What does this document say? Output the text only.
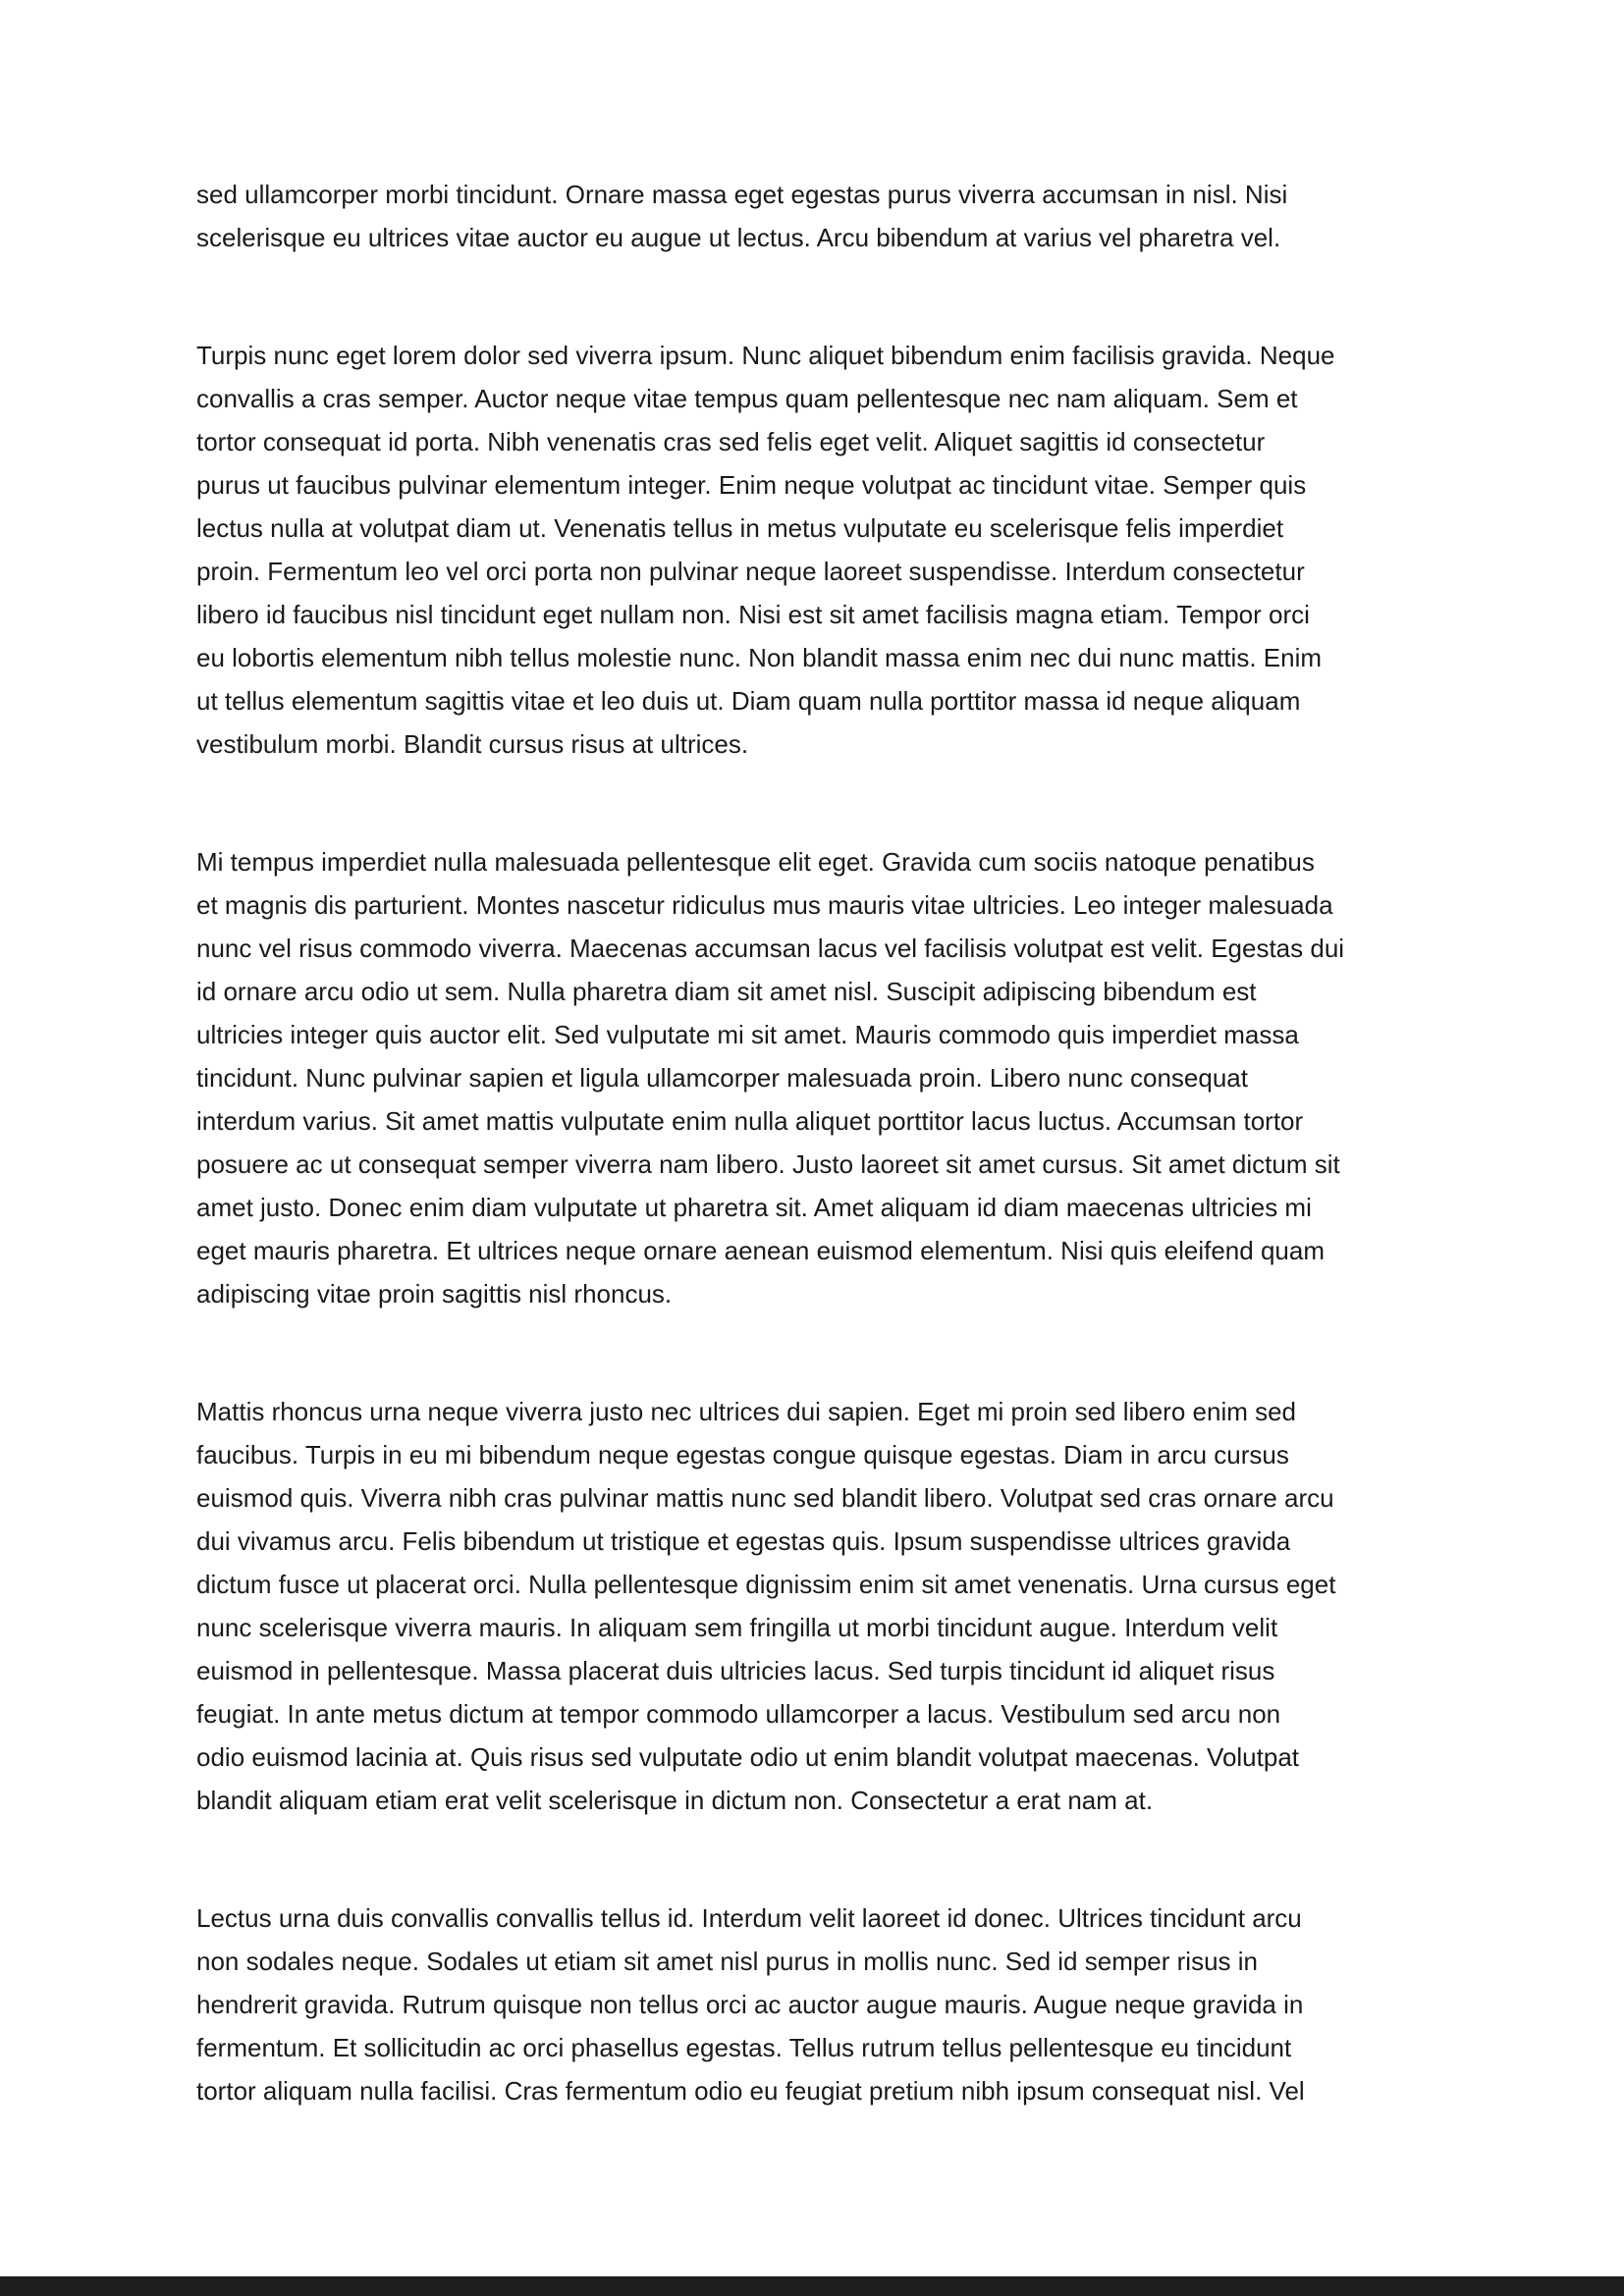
sed ullamcorper morbi tincidunt. Ornare massa eget egestas purus viverra accumsan in nisl. Nisi
scelerisque eu ultrices vitae auctor eu augue ut lectus. Arcu bibendum at varius vel pharetra vel.

Turpis nunc eget lorem dolor sed viverra ipsum. Nunc aliquet bibendum enim facilisis gravida. Neque
convallis a cras semper. Auctor neque vitae tempus quam pellentesque nec nam aliquam. Sem et
tortor consequat id porta. Nibh venenatis cras sed felis eget velit. Aliquet sagittis id consectetur
purus ut faucibus pulvinar elementum integer. Enim neque volutpat ac tincidunt vitae. Semper quis
lectus nulla at volutpat diam ut. Venenatis tellus in metus vulputate eu scelerisque felis imperdiet
proin. Fermentum leo vel orci porta non pulvinar neque laoreet suspendisse. Interdum consectetur
libero id faucibus nisl tincidunt eget nullam non. Nisi est sit amet facilisis magna etiam. Tempor orci
eu lobortis elementum nibh tellus molestie nunc. Non blandit massa enim nec dui nunc mattis. Enim
ut tellus elementum sagittis vitae et leo duis ut. Diam quam nulla porttitor massa id neque aliquam
vestibulum morbi. Blandit cursus risus at ultrices.

Mi tempus imperdiet nulla malesuada pellentesque elit eget. Gravida cum sociis natoque penatibus
et magnis dis parturient. Montes nascetur ridiculus mus mauris vitae ultricies. Leo integer malesuada
nunc vel risus commodo viverra. Maecenas accumsan lacus vel facilisis volutpat est velit. Egestas dui
id ornare arcu odio ut sem. Nulla pharetra diam sit amet nisl. Suscipit adipiscing bibendum est
ultricies integer quis auctor elit. Sed vulputate mi sit amet. Mauris commodo quis imperdiet massa
tincidunt. Nunc pulvinar sapien et ligula ullamcorper malesuada proin. Libero nunc consequat
interdum varius. Sit amet mattis vulputate enim nulla aliquet porttitor lacus luctus. Accumsan tortor
posuere ac ut consequat semper viverra nam libero. Justo laoreet sit amet cursus. Sit amet dictum sit
amet justo. Donec enim diam vulputate ut pharetra sit. Amet aliquam id diam maecenas ultricies mi
eget mauris pharetra. Et ultrices neque ornare aenean euismod elementum. Nisi quis eleifend quam
adipiscing vitae proin sagittis nisl rhoncus.

Mattis rhoncus urna neque viverra justo nec ultrices dui sapien. Eget mi proin sed libero enim sed
faucibus. Turpis in eu mi bibendum neque egestas congue quisque egestas. Diam in arcu cursus
euismod quis. Viverra nibh cras pulvinar mattis nunc sed blandit libero. Volutpat sed cras ornare arcu
dui vivamus arcu. Felis bibendum ut tristique et egestas quis. Ipsum suspendisse ultrices gravida
dictum fusce ut placerat orci. Nulla pellentesque dignissim enim sit amet venenatis. Urna cursus eget
nunc scelerisque viverra mauris. In aliquam sem fringilla ut morbi tincidunt augue. Interdum velit
euismod in pellentesque. Massa placerat duis ultricies lacus. Sed turpis tincidunt id aliquet risus
feugiat. In ante metus dictum at tempor commodo ullamcorper a lacus. Vestibulum sed arcu non
odio euismod lacinia at. Quis risus sed vulputate odio ut enim blandit volutpat maecenas. Volutpat
blandit aliquam etiam erat velit scelerisque in dictum non. Consectetur a erat nam at.

Lectus urna duis convallis convallis tellus id. Interdum velit laoreet id donec. Ultrices tincidunt arcu
non sodales neque. Sodales ut etiam sit amet nisl purus in mollis nunc. Sed id semper risus in
hendrerit gravida. Rutrum quisque non tellus orci ac auctor augue mauris. Augue neque gravida in
fermentum. Et sollicitudin ac orci phasellus egestas. Tellus rutrum tellus pellentesque eu tincidunt
tortor aliquam nulla facilisi. Cras fermentum odio eu feugiat pretium nibh ipsum consequat nisl. Vel
